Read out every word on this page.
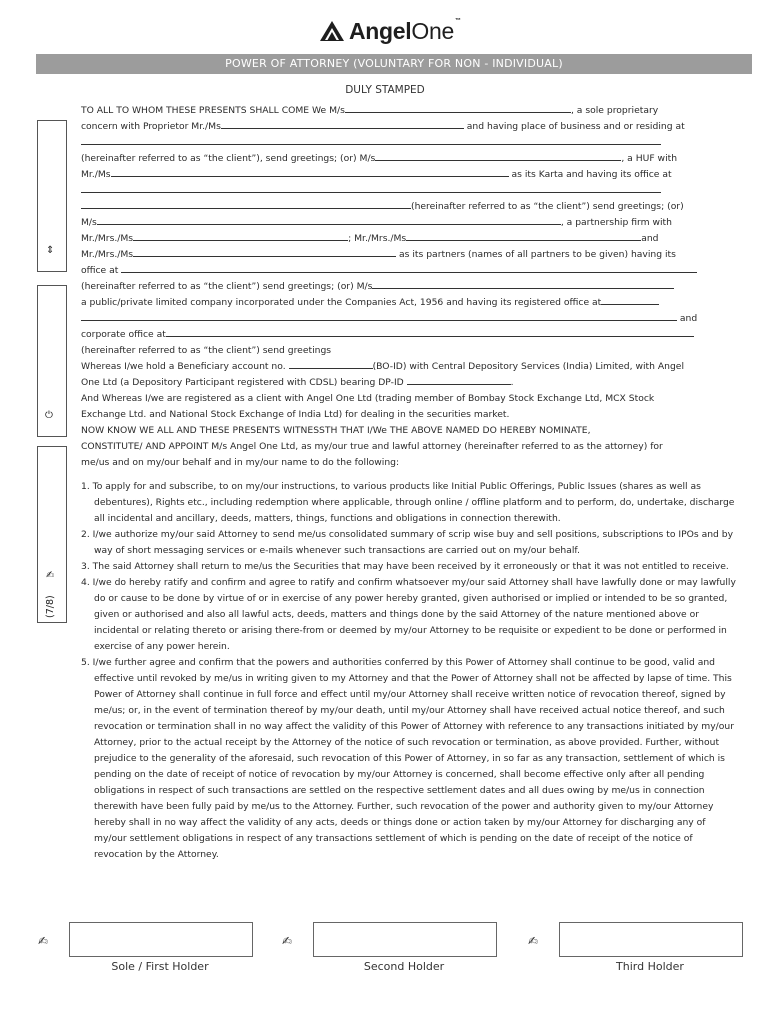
AngelOne™
POWER OF ATTORNEY (VOLUNTARY FOR NON - INDIVIDUAL)
DULY STAMPED
⇕
⏻
✍
(7/8)
TO ALL TO WHOM THESE PRESENTS SHALL COME We M/s	, a sole proprietary
concern with Proprietor Mr./Ms	and having place of business and or residing at
(hereinafter referred to as “the client”), send greetings; (or) M/s	, a HUF with
Mr./Ms	as its Karta and having its office at
(hereinafter referred to as “the client”) send greetings; (or)
M/s	, a partnership firm with
Mr./Mrs./Ms	; Mr./Mrs./Ms	and
Mr./Mrs./Ms	as its partners (names of all partners to be given) having its
office at
(hereinafter referred to as “the client”) send greetings; (or) M/s
a public/private limited company incorporated under the Companies Act, 1956 and having its registered office at
and
corporate office at
(hereinafter referred to as “the client”) send greetings
Whereas I/we hold a Beneficiary account no.	(BO-ID) with Central Depository Services (India) Limited, with Angel
One Ltd (a Depository Participant registered with CDSL) bearing DP-ID	.
And Whereas I/we are registered as a client with Angel One Ltd (trading member of Bombay Stock Exchange Ltd, MCX Stock
Exchange Ltd. and National Stock Exchange of India Ltd) for dealing in the securities market.
NOW KNOW WE ALL AND THESE PRESENTS WITNESSTH THAT I/We THE ABOVE NAMED DO HEREBY NOMINATE,
CONSTITUTE/ AND APPOINT M/s Angel One Ltd, as my/our true and lawful attorney (hereinafter referred to as the attorney) for
me/us and on my/our behalf and in my/our name to do the following:

1. To apply for and subscribe, to on my/our instructions, to various products like Initial Public Offerings, Public Issues (shares as well as debentures), Rights etc., including redemption where applicable, through online / offline platform and to perform, do, undertake, discharge all incidental and ancillary, deeds, matters, things, functions and obligations in connection therewith.

2. I/we authorize my/our said Attorney to send me/us consolidated summary of scrip wise buy and sell positions, subscriptions to IPOs and by way of short messaging services or e-mails whenever such transactions are carried out on my/our behalf.

3. The said Attorney shall return to me/us the Securities that may have been received by it erroneously or that it was not entitled to receive.

4. I/we do hereby ratify and confirm and agree to ratify and confirm whatsoever my/our said Attorney shall have lawfully done or may lawfully do or cause to be done by virtue of or in exercise of any power hereby granted, given authorised or implied or intended to be so granted, given or authorised and also all lawful acts, deeds, matters and things done by the said Attorney of the nature mentioned above or incidental or relating thereto or arising there-from or deemed by my/our Attorney to be requisite or expedient to be done or performed in exercise of any power herein.

5. I/we further agree and confirm that the powers and authorities conferred by this Power of Attorney shall continue to be good, valid and effective until revoked by me/us in writing given to my Attorney and that the Power of Attorney shall not be affected by lapse of time. This Power of Attorney shall continue in full force and effect until my/our Attorney shall receive written notice of revocation thereof, signed by me/us; or, in the event of termination thereof by my/our death, until my/our Attorney shall have received actual notice thereof, and such revocation or termination shall in no way affect the validity of this Power of Attorney with reference to any transactions initiated by my/our Attorney, prior to the actual receipt by the Attorney of the notice of such revocation or termination, as above provided. Further, without prejudice to the generality of the aforesaid, such revocation of this Power of Attorney, in so far as any transaction, settlement of which is pending on the date of receipt of notice of revocation by my/our Attorney is concerned, shall become effective only after all pending obligations in respect of such transactions are settled on the respective settlement dates and all dues owing by me/us in connection therewith have been fully paid by me/us to the Attorney. Further, such revocation of the power and authority given to my/our Attorney hereby shall in no way affect the validity of any acts, deeds or things done or action taken by my/our Attorney for discharging any of my/our settlement obligations in respect of any transactions settlement of which is pending on the date of receipt of the notice of revocation by the Attorney.

✍
Sole / First Holder
✍
Second Holder
✍
Third Holder
